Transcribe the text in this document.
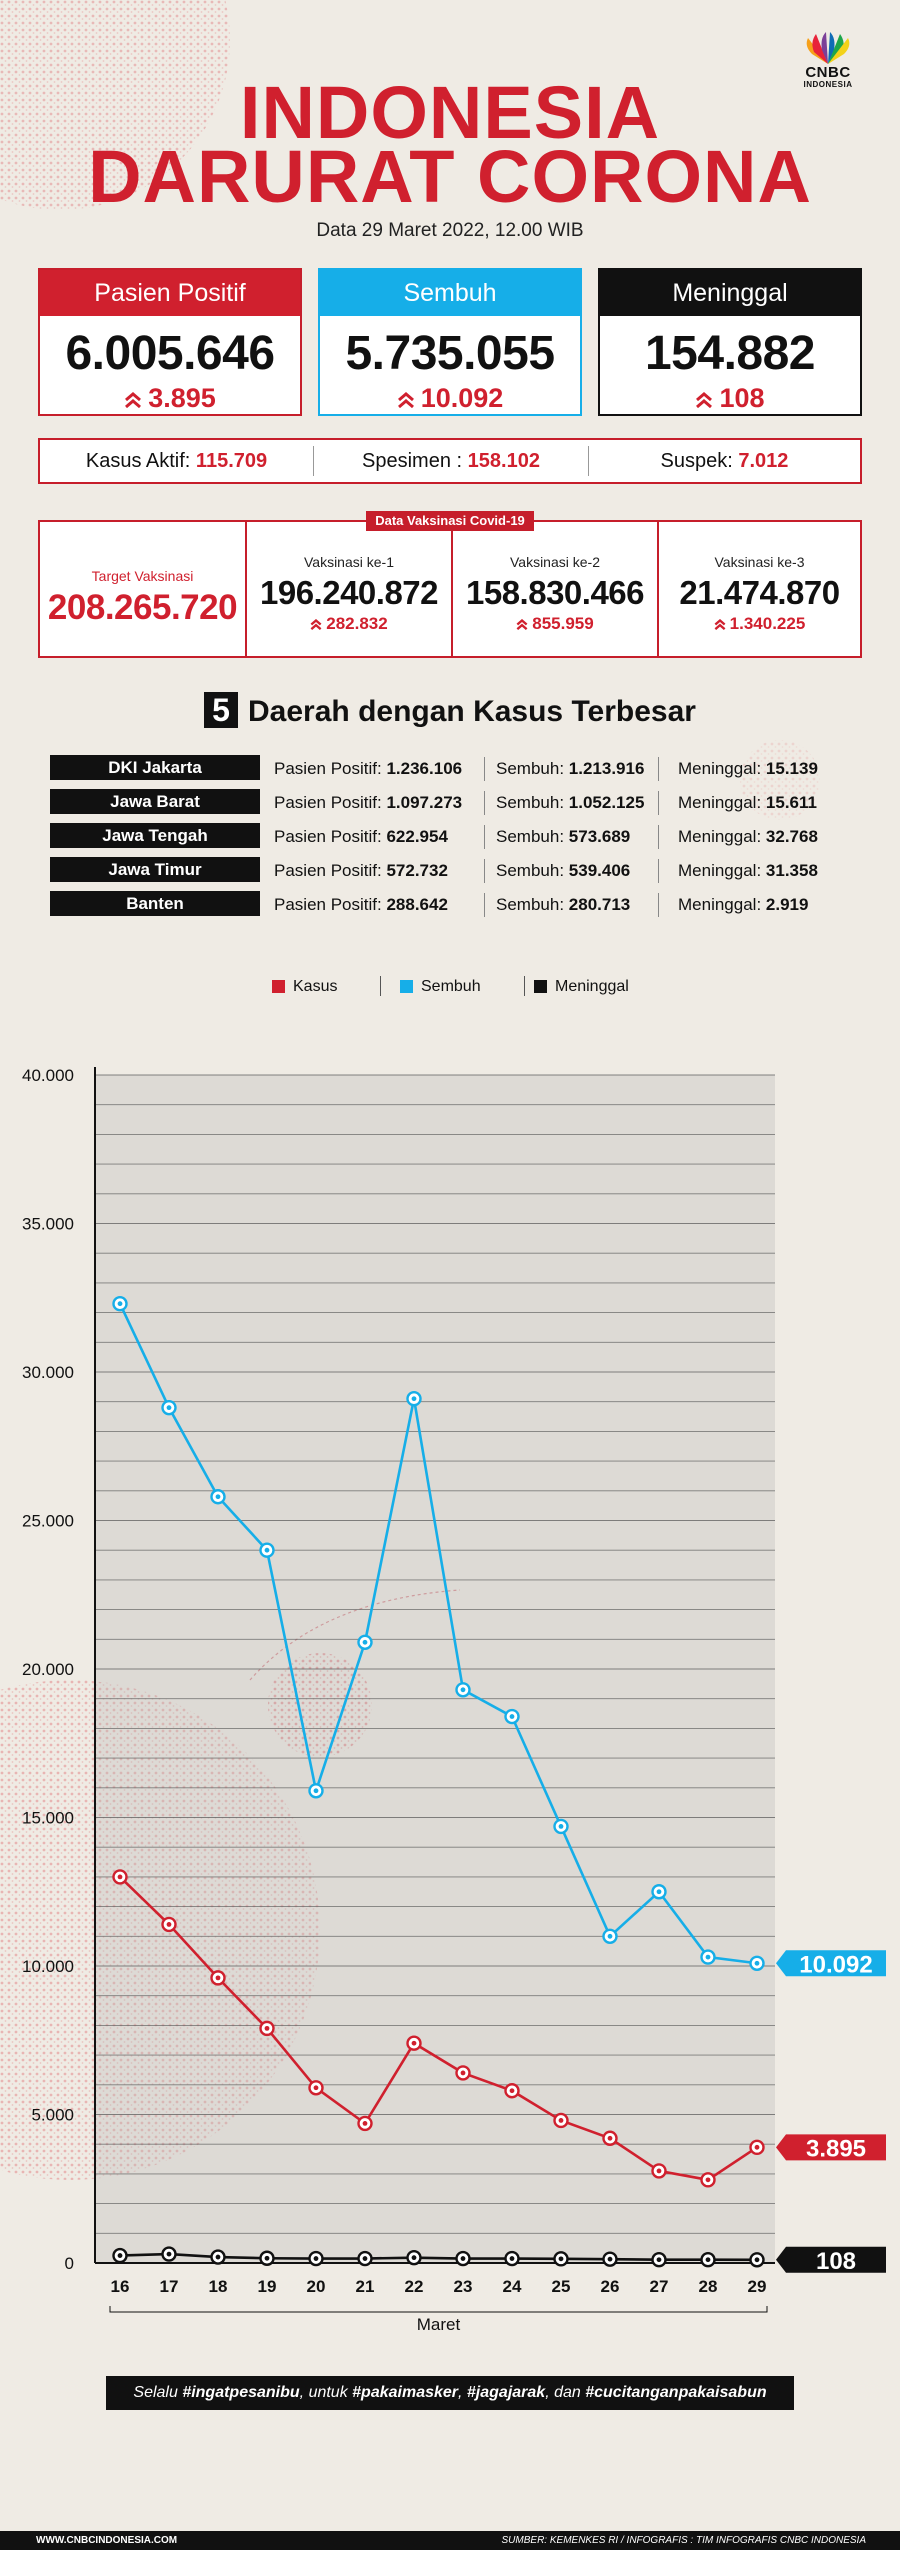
CNBC
INDONESIA
INDONESIA
DARURAT CORONA
Data 29 Maret 2022, 12.00 WIB
Pasien Positif
6.005.646
3.895
Sembuh
5.735.055
10.092
Meninggal
154.882
108
Kasus Aktif: 115.709	Spesimen : 158.102	Suspek: 7.012
Data Vaksinasi Covid-19
Target Vaksinasi
208.265.720
Vaksinasi ke-1
196.240.872
282.832
Vaksinasi ke-2
158.830.466
855.959
Vaksinasi ke-3
21.474.870
1.340.225
5 Daerah dengan Kasus Terbesar
DKI Jakarta	Pasien Positif: 1.236.106 Sembuh: 1.213.916 Meninggal: 15.139
Jawa Barat	Pasien Positif: 1.097.273 Sembuh: 1.052.125 Meninggal: 15.611
Jawa Tengah	Pasien Positif: 622.954	Sembuh: 573.689	Meninggal: 32.768
Jawa Timur	Pasien Positif: 572.732	Sembuh: 539.406	Meninggal: 31.358
Banten	Pasien Positif: 288.642	Sembuh: 280.713	Meninggal: 2.919
Kasus	Sembuh	Meninggal
0
5.000
10.000
15.000
20.000
25.000
30.000
35.000
40.000
16 17 18 19 20 21 22 23 24 25 26 27 28 29
Maret
3.895
10.092
108
Selalu #ingatpesanibu, untuk #pakaimasker, #jagajarak, dan #cucitanganpakaisabun
WWW.CNBCINDONESIA.COM	SUMBER: KEMENKES RI / INFOGRAFIS : TIM INFOGRAFIS CNBC INDONESIA
